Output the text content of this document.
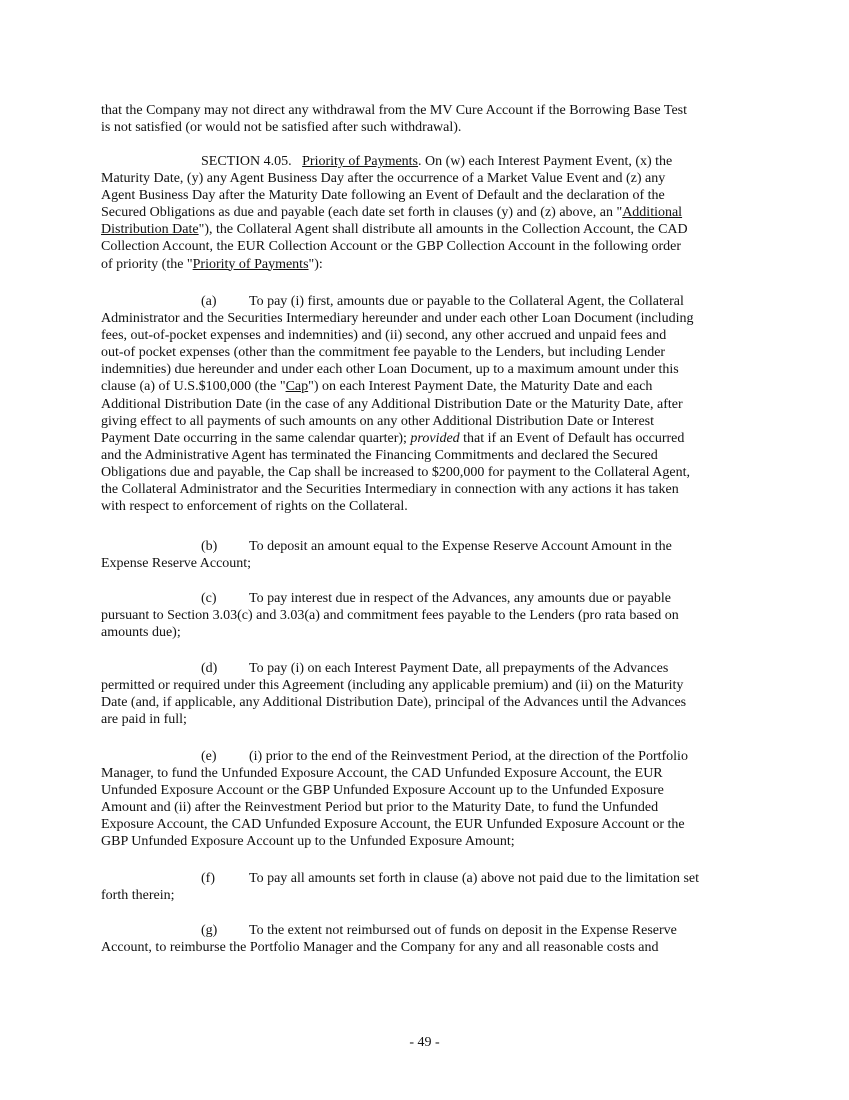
that the Company may not direct any withdrawal from the MV Cure Account if the Borrowing Base Test
is not satisfied (or would not be satisfied after such withdrawal).
SECTION 4.05. Priority of Payments. On (w) each Interest Payment Event, (x) the
Maturity Date, (y) any Agent Business Day after the occurrence of a Market Value Event and (z) any
Agent Business Day after the Maturity Date following an Event of Default and the declaration of the
Secured Obligations as due and payable (each date set forth in clauses (y) and (z) above, an "Additional
Distribution Date"), the Collateral Agent shall distribute all amounts in the Collection Account, the CAD
Collection Account, the EUR Collection Account or the GBP Collection Account in the following order
of priority (the "Priority of Payments"):
(a) To pay (i) first, amounts due or payable to the Collateral Agent, the Collateral
Administrator and the Securities Intermediary hereunder and under each other Loan Document (including
fees, out-of-pocket expenses and indemnities) and (ii) second, any other accrued and unpaid fees and
out-of pocket expenses (other than the commitment fee payable to the Lenders, but including Lender
indemnities) due hereunder and under each other Loan Document, up to a maximum amount under this
clause (a) of U.S.$100,000 (the "Cap") on each Interest Payment Date, the Maturity Date and each
Additional Distribution Date (in the case of any Additional Distribution Date or the Maturity Date, after
giving effect to all payments of such amounts on any other Additional Distribution Date or Interest
Payment Date occurring in the same calendar quarter); provided that if an Event of Default has occurred
and the Administrative Agent has terminated the Financing Commitments and declared the Secured
Obligations due and payable, the Cap shall be increased to $200,000 for payment to the Collateral Agent,
the Collateral Administrator and the Securities Intermediary in connection with any actions it has taken
with respect to enforcement of rights on the Collateral.
(b) To deposit an amount equal to the Expense Reserve Account Amount in the
Expense Reserve Account;
(c) To pay interest due in respect of the Advances, any amounts due or payable
pursuant to Section 3.03(c) and 3.03(a) and commitment fees payable to the Lenders (pro rata based on
amounts due);
(d) To pay (i) on each Interest Payment Date, all prepayments of the Advances
permitted or required under this Agreement (including any applicable premium) and (ii) on the Maturity
Date (and, if applicable, any Additional Distribution Date), principal of the Advances until the Advances
are paid in full;
(e) (i) prior to the end of the Reinvestment Period, at the direction of the Portfolio
Manager, to fund the Unfunded Exposure Account, the CAD Unfunded Exposure Account, the EUR
Unfunded Exposure Account or the GBP Unfunded Exposure Account up to the Unfunded Exposure
Amount and (ii) after the Reinvestment Period but prior to the Maturity Date, to fund the Unfunded
Exposure Account, the CAD Unfunded Exposure Account, the EUR Unfunded Exposure Account or the
GBP Unfunded Exposure Account up to the Unfunded Exposure Amount;
(f) To pay all amounts set forth in clause (a) above not paid due to the limitation set
forth therein;
(g) To the extent not reimbursed out of funds on deposit in the Expense Reserve
Account, to reimburse the Portfolio Manager and the Company for any and all reasonable costs and
- 49 -
